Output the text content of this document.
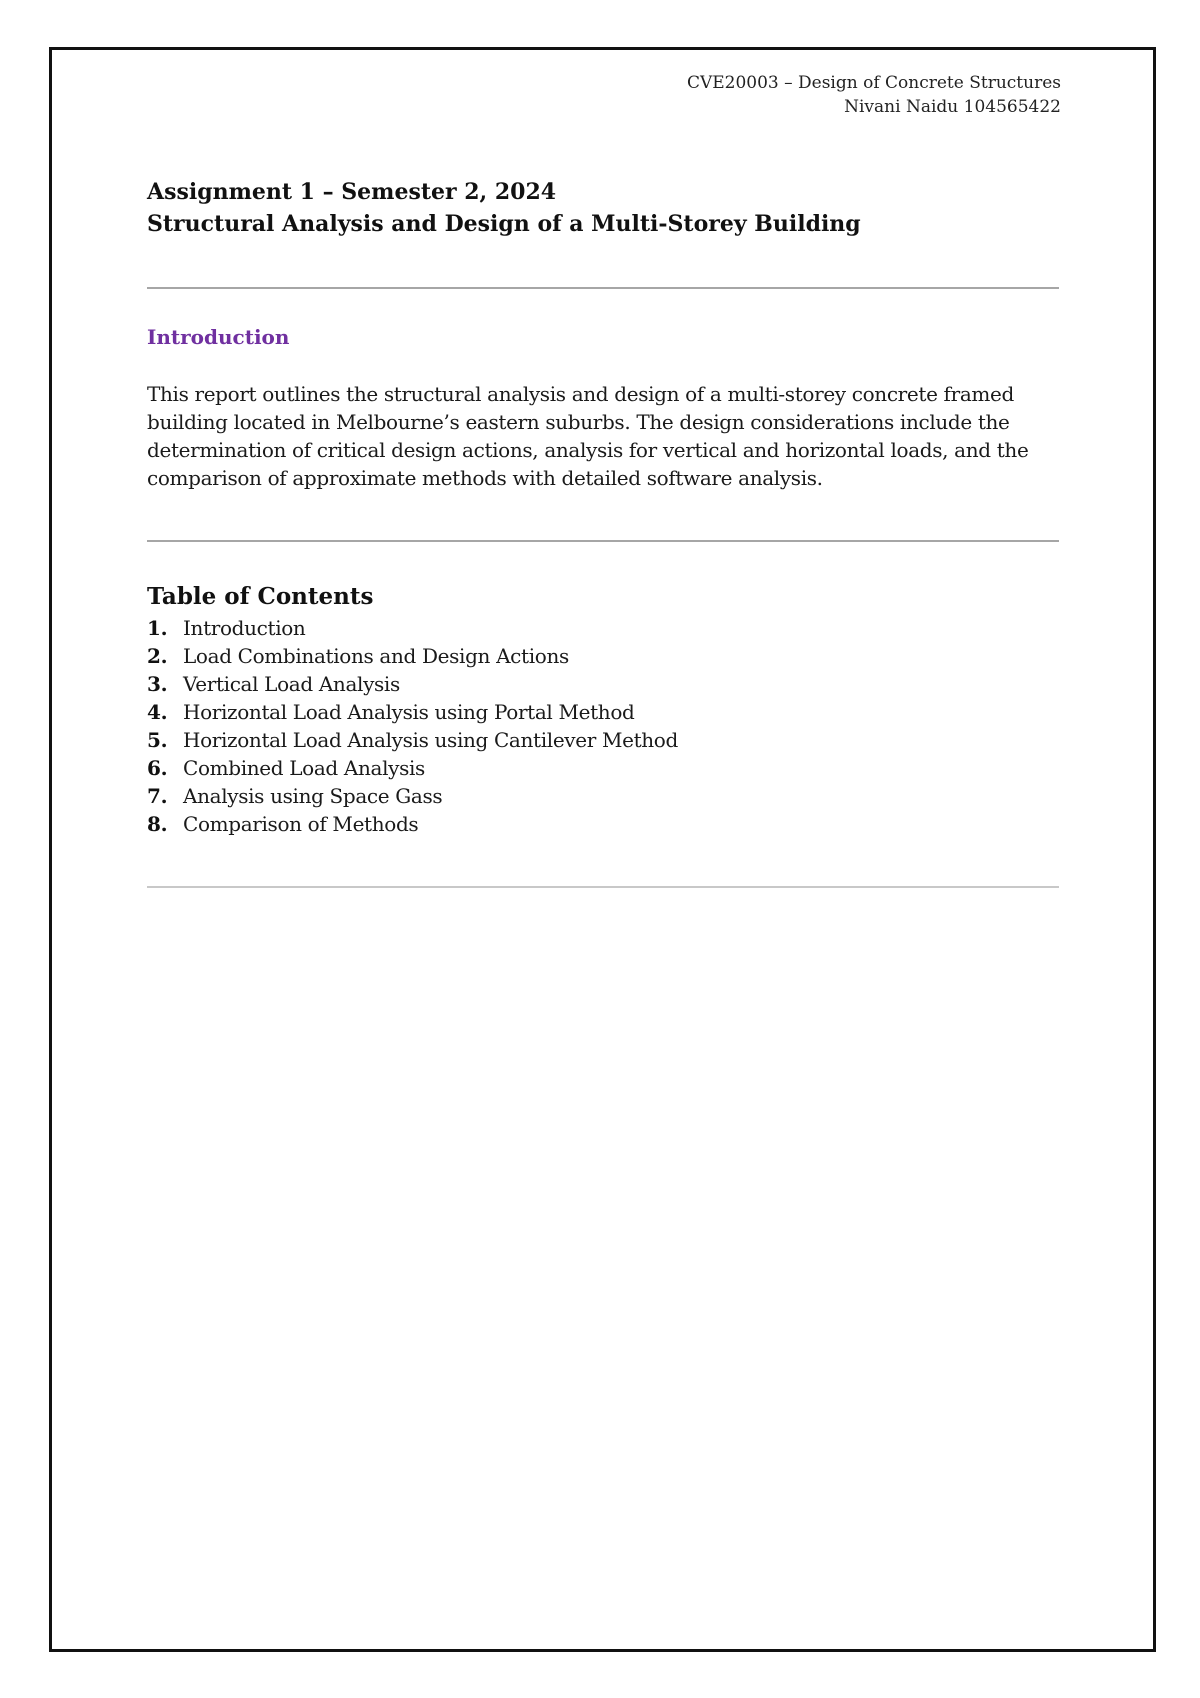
CVE20003 – Design of Concrete Structures
Nivani Naidu 104565422
Assignment 1 – Semester 2, 2024
Structural Analysis and Design of a Multi-Storey Building
Introduction
This report outlines the structural analysis and design of a multi-storey concrete framed building located in Melbourne’s eastern suburbs. The design considerations include the determination of critical design actions, analysis for vertical and horizontal loads, and the comparison of approximate methods with detailed software analysis.
Table of Contents
1. Introduction
2. Load Combinations and Design Actions
3. Vertical Load Analysis
4. Horizontal Load Analysis using Portal Method
5. Horizontal Load Analysis using Cantilever Method
6. Combined Load Analysis
7. Analysis using Space Gass
8. Comparison of Methods
